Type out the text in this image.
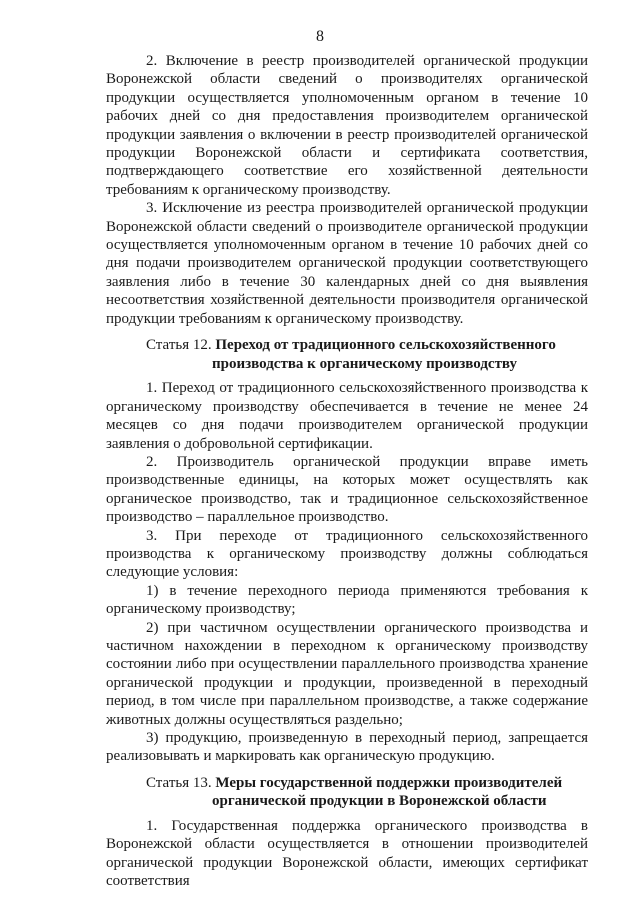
8

2. Включение в реестр производителей органической продукции Воронежской области сведений о производителях органической продукции осуществляется уполномоченным органом в течение 10 рабочих дней со дня предоставления производителем органической продукции заявления о включении в реестр производителей органической продукции Воронежской области и сертификата соответствия, подтверждающего соответствие его хозяйственной деятельности требованиям к органическому производству.

3. Исключение из реестра производителей органической продукции Воронежской области сведений о производителе органической продукции осуществляется уполномоченным органом в течение 10 рабочих дней со дня подачи производителем органической продукции соответствующего заявления либо в течение 30 календарных дней со дня выявления несоответствия хозяйственной деятельности производителя органической продукции требованиям к органическому производству.

Статья 12. Переход от традиционного сельскохозяйственного
производства к органическому производству

1. Переход от традиционного сельскохозяйственного производства к органическому производству обеспечивается в течение не менее 24 месяцев со дня подачи производителем органической продукции заявления о добровольной сертификации.

2. Производитель органической продукции вправе иметь производственные единицы, на которых может осуществлять как органическое производство, так и традиционное сельскохозяйственное производство – параллельное производство.

3. При переходе от традиционного сельскохозяйственного производства к органическому производству должны соблюдаться следующие условия:

1) в течение переходного периода применяются требования к органическому производству;

2) при частичном осуществлении органического производства и частичном нахождении в переходном к органическому производству состоянии либо при осуществлении параллельного производства хранение органической продукции и продукции, произведенной в переходный период, в том числе при параллельном производстве, а также содержание животных должны осуществляться раздельно;

3) продукцию, произведенную в переходный период, запрещается реализовывать и маркировать как органическую продукцию.

Статья 13. Меры государственной поддержки производителей
органической продукции в Воронежской области

1. Государственная поддержка органического производства в Воронежской области осуществляется в отношении производителей органической продукции Воронежской области, имеющих сертификат соответствия
